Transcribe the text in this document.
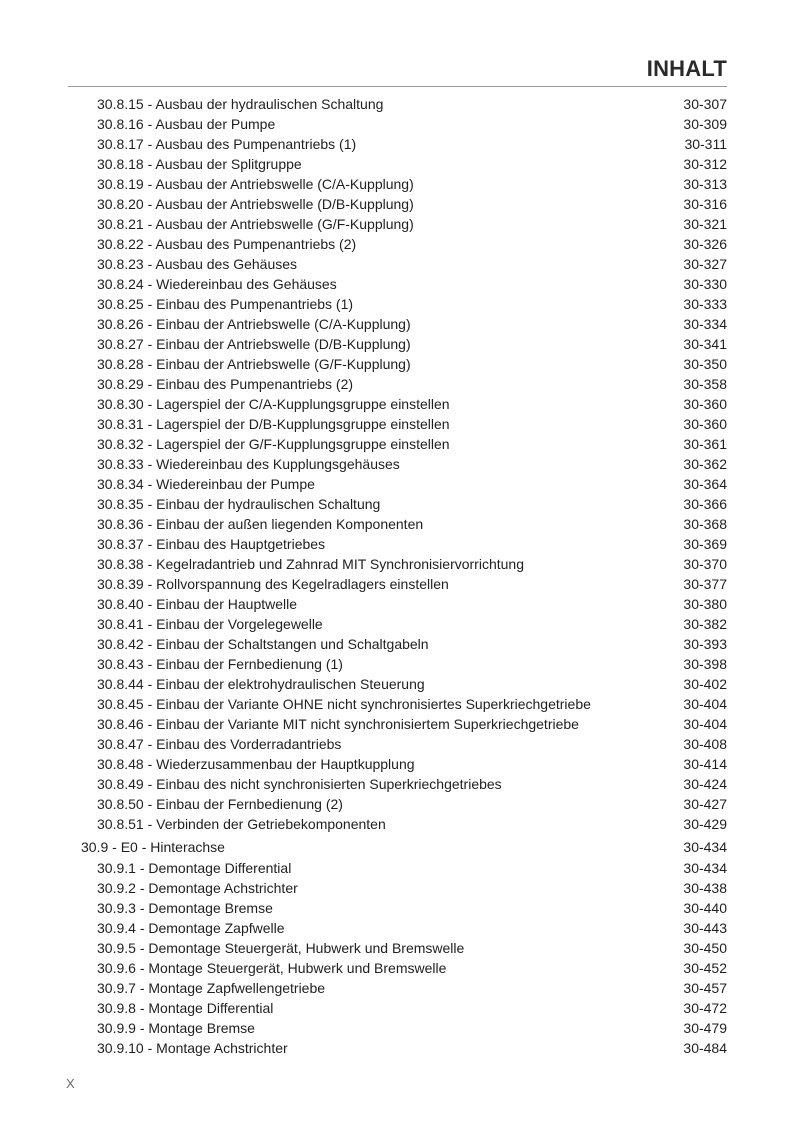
INHALT
30.8.15 - Ausbau der hydraulischen Schaltung	30-307
30.8.16 - Ausbau der Pumpe	30-309
30.8.17 - Ausbau des Pumpenantriebs (1)	30-311
30.8.18 - Ausbau der Splitgruppe	30-312
30.8.19 - Ausbau der Antriebswelle (C/A-Kupplung)	30-313
30.8.20 - Ausbau der Antriebswelle (D/B-Kupplung)	30-316
30.8.21 - Ausbau der Antriebswelle (G/F-Kupplung)	30-321
30.8.22 - Ausbau des Pumpenantriebs (2)	30-326
30.8.23 - Ausbau des Gehäuses	30-327
30.8.24 - Wiedereinbau des Gehäuses	30-330
30.8.25 - Einbau des Pumpenantriebs (1)	30-333
30.8.26 - Einbau der Antriebswelle (C/A-Kupplung)	30-334
30.8.27 - Einbau der Antriebswelle (D/B-Kupplung)	30-341
30.8.28 - Einbau der Antriebswelle (G/F-Kupplung)	30-350
30.8.29 - Einbau des Pumpenantriebs (2)	30-358
30.8.30 - Lagerspiel der C/A-Kupplungsgruppe einstellen	30-360
30.8.31 - Lagerspiel der D/B-Kupplungsgruppe einstellen	30-360
30.8.32 - Lagerspiel der G/F-Kupplungsgruppe einstellen	30-361
30.8.33 - Wiedereinbau des Kupplungsgehäuses	30-362
30.8.34 - Wiedereinbau der Pumpe	30-364
30.8.35 - Einbau der hydraulischen Schaltung	30-366
30.8.36 - Einbau der außen liegenden Komponenten	30-368
30.8.37 - Einbau des Hauptgetriebes	30-369
30.8.38 - Kegelradantrieb und Zahnrad MIT Synchronisiervorrichtung	30-370
30.8.39 - Rollvorspannung des Kegelradlagers einstellen	30-377
30.8.40 - Einbau der Hauptwelle	30-380
30.8.41 - Einbau der Vorgelegewelle	30-382
30.8.42 - Einbau der Schaltstangen und Schaltgabeln	30-393
30.8.43 - Einbau der Fernbedienung (1)	30-398
30.8.44 - Einbau der elektrohydraulischen Steuerung	30-402
30.8.45 - Einbau der Variante OHNE nicht synchronisiertes Superkriechgetriebe	30-404
30.8.46 - Einbau der Variante MIT nicht synchronisiertem Superkriechgetriebe	30-404
30.8.47 - Einbau des Vorderradantriebs	30-408
30.8.48 - Wiederzusammenbau der Hauptkupplung	30-414
30.8.49 - Einbau des nicht synchronisierten Superkriechgetriebes	30-424
30.8.50 - Einbau der Fernbedienung (2)	30-427
30.8.51 - Verbinden der Getriebekomponenten	30-429
30.9 - E0 - Hinterachse	30-434
30.9.1 - Demontage Differential	30-434
30.9.2 - Demontage Achstrichter	30-438
30.9.3 - Demontage Bremse	30-440
30.9.4 - Demontage Zapfwelle	30-443
30.9.5 - Demontage Steuergerät, Hubwerk und Bremswelle	30-450
30.9.6 - Montage Steuergerät, Hubwerk und Bremswelle	30-452
30.9.7 - Montage Zapfwellengetriebe	30-457
30.9.8 - Montage Differential	30-472
30.9.9 - Montage Bremse	30-479
30.9.10 - Montage Achstrichter	30-484
X
